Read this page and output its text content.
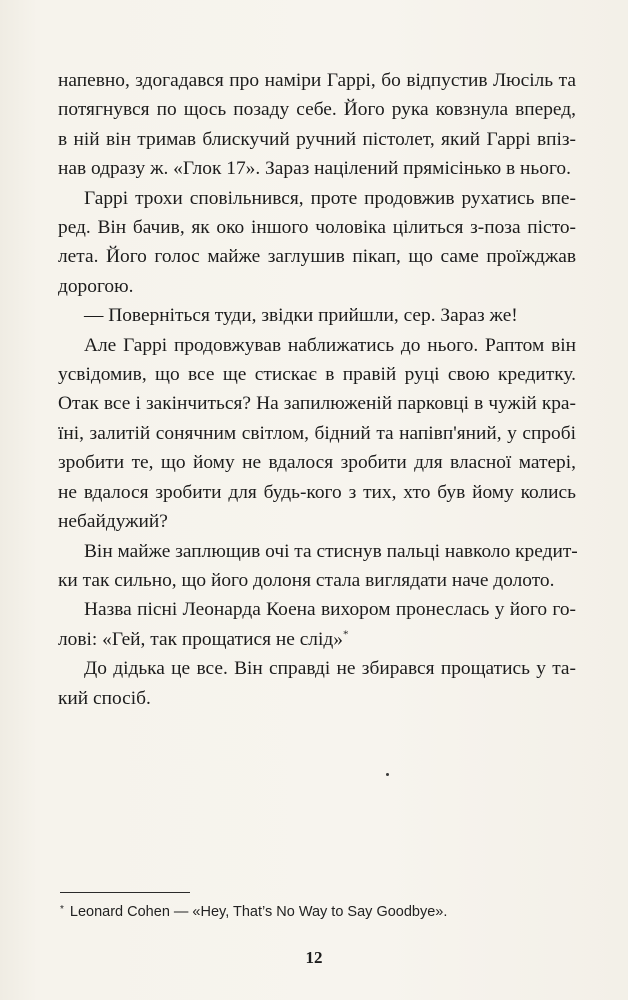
напевно, здогадався про наміри Гаррі, бо відпустив Люсіль та
потягнувся по щось позаду себе. Його рука ковзнула вперед,
в ній він тримав блискучий ручний пістолет, який Гаррі впіз-
нав одразу ж. «Глок 17». Зараз націлений прямісінько в нього.

Гаррі трохи сповільнився, проте продовжив рухатись впе-

ред. Він бачив, як око іншого чоловіка цілиться з-поза пісто-
лета. Його голос майже заглушив пікап, що саме проїжджав
дорогою.

— Поверніться туди, звідки прийшли, сер. Зараз же!

Але Гаррі продовжував наближатись до нього. Раптом він

усвідомив, що все ще стискає в правій руці свою кредитку.
Отак все і закінчиться? На запилюженій парковці в чужій кра-
їні, залитій сонячним світлом, бідний та напівп'яний, у спробі
зробити те, що йому не вдалося зробити для власної матері,
не вдалося зробити для будь-кого з тих, хто був йому колись
небайдужий?

Він майже заплющив очі та стиснув пальці навколо кредит-

ки так сильно, що його долоня стала виглядати наче долото.

Назва пісні Леонарда Коена вихором пронеслась у його го-

лові: «Гей, так прощатися не слід»*

До дідька це все. Він справді не збирався прощатись у та-

кий спосіб.

* Leonard Cohen — «Hey, That’s No Way to Say Goodbye».
12
